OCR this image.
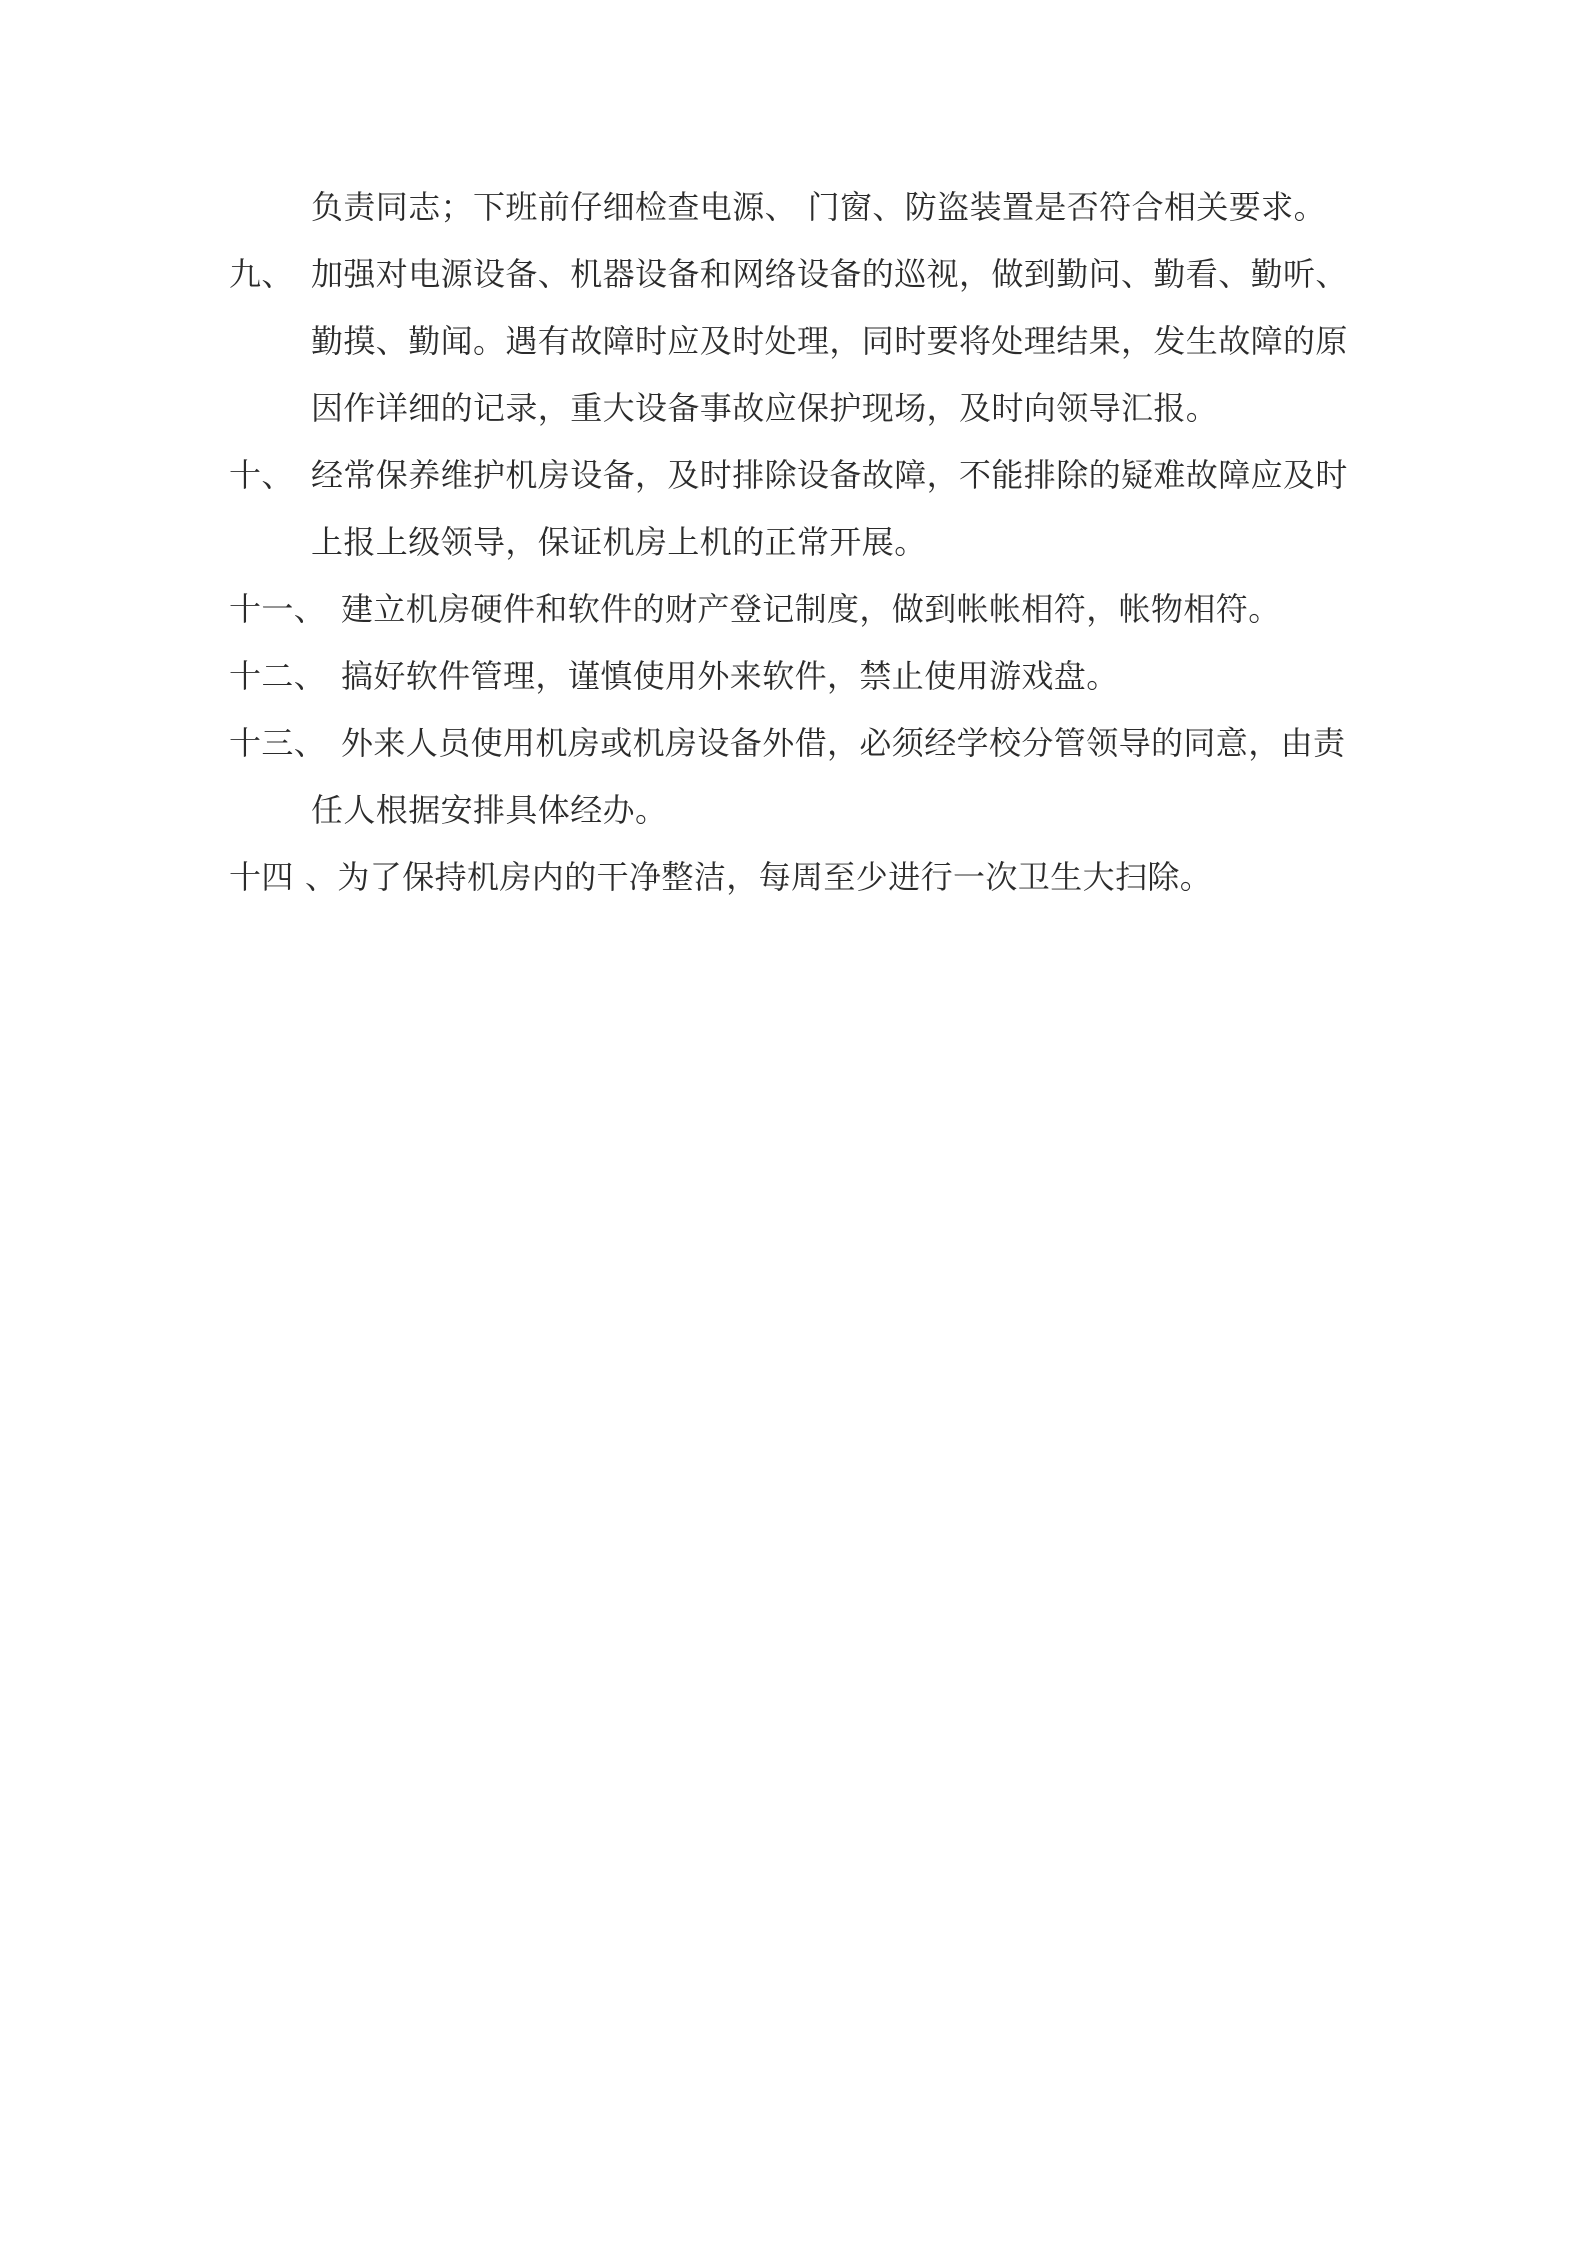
负责同志；下班前仔细检查电源、 门窗、防盗装置是否符合相关要求。
九、 加强对电源设备、机器设备和网络设备的巡视，做到勤问、勤看、勤听、
勤摸、勤闻。遇有故障时应及时处理，同时要将处理结果，发生故障的原
因作详细的记录，重大设备事故应保护现场，及时向领导汇报。
十、 经常保养维护机房设备，及时排除设备故障，不能排除的疑难故障应及时
上报上级领导，保证机房上机的正常开展。
十一、 建立机房硬件和软件的财产登记制度，做到帐帐相符，帐物相符。
十二、 搞好软件管理，谨慎使用外来软件，禁止使用游戏盘。
十三、 外来人员使用机房或机房设备外借，必须经学校分管领导的同意，由责
任人根据安排具体经办。
十四 、为了保持机房内的干净整洁，每周至少进行一次卫生大扫除。
